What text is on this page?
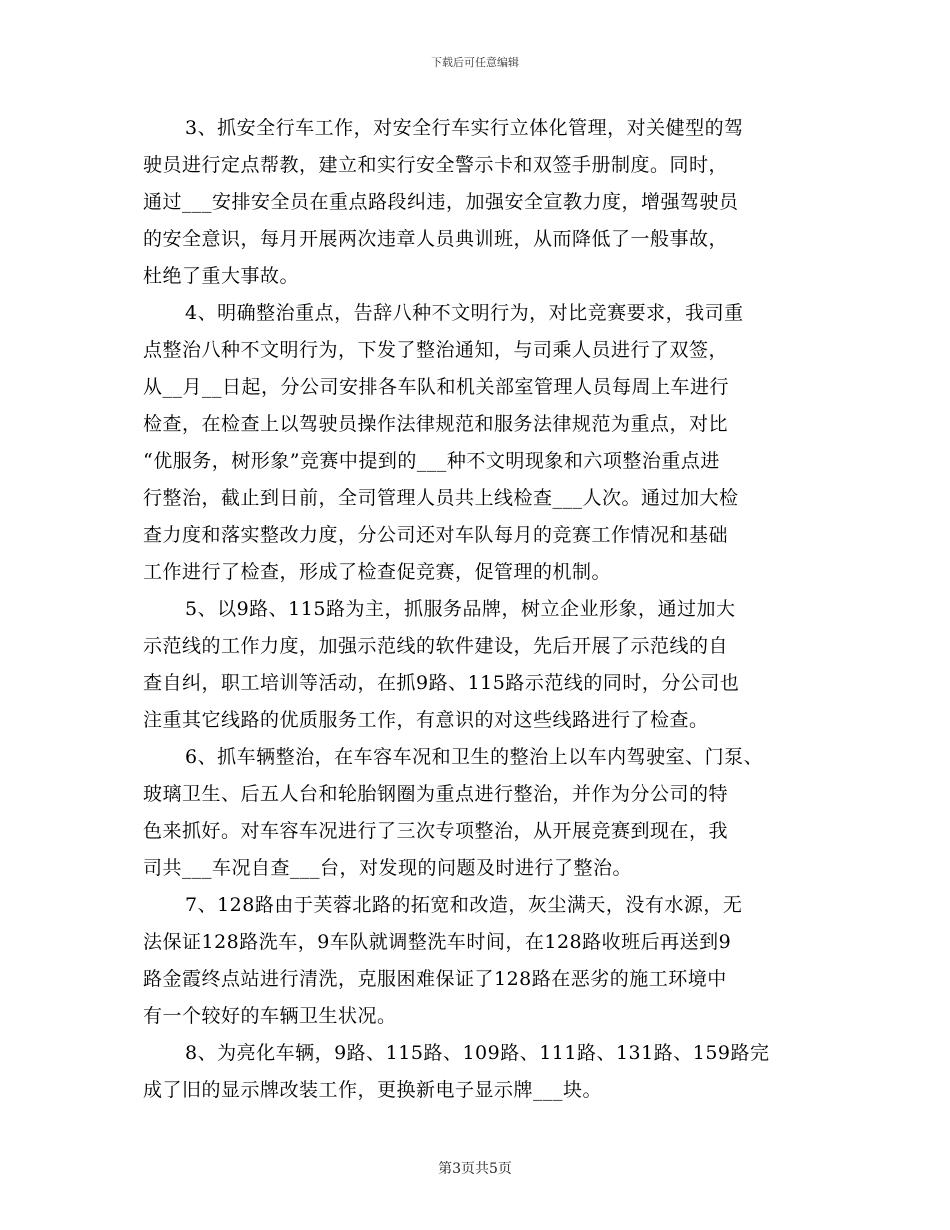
下载后可任意编辑

3、抓安全行车工作，对安全行车实行立体化管理，对关健型的驾
驶员进行定点帮教，建立和实行安全警示卡和双签手册制度。同时，
通过___安排安全员在重点路段纠违，加强安全宣教力度，增强驾驶员
的安全意识，每月开展两次违章人员典训班，从而降低了一般事故，
杜绝了重大事故。

4、明确整治重点，告辞八种不文明行为，对比竞赛要求，我司重
点整治八种不文明行为，下发了整治通知，与司乘人员进行了双签，
从__月__日起，分公司安排各车队和机关部室管理人员每周上车进行
检查，在检查上以驾驶员操作法律规范和服务法律规范为重点，对比
“优服务，树形象”竞赛中提到的___种不文明现象和六项整治重点进
行整治，截止到日前，全司管理人员共上线检查___人次。通过加大检
查力度和落实整改力度，分公司还对车队每月的竞赛工作情况和基础
工作进行了检查，形成了检查促竞赛，促管理的机制。

5、以9路、115路为主，抓服务品牌，树立企业形象，通过加大
示范线的工作力度，加强示范线的软件建设，先后开展了示范线的自
查自纠，职工培训等活动，在抓9路、115路示范线的同时，分公司也
注重其它线路的优质服务工作，有意识的对这些线路进行了检查。

6、抓车辆整治，在车容车况和卫生的整治上以车内驾驶室、门泵、
玻璃卫生、后五人台和轮胎钢圈为重点进行整治，并作为分公司的特
色来抓好。对车容车况进行了三次专项整治，从开展竞赛到现在，我
司共___车况自查___台，对发现的问题及时进行了整治。

7、128路由于芙蓉北路的拓宽和改造，灰尘满天，没有水源，无
法保证128路洗车，9车队就调整洗车时间，在128路收班后再送到9
路金霞终点站进行清洗，克服困难保证了128路在恶劣的施工环境中
有一个较好的车辆卫生状况。

8、为亮化车辆，9路、115路、109路、111路、131路、159路完
成了旧的显示牌改装工作，更换新电子显示牌___块。

第3页共5页
